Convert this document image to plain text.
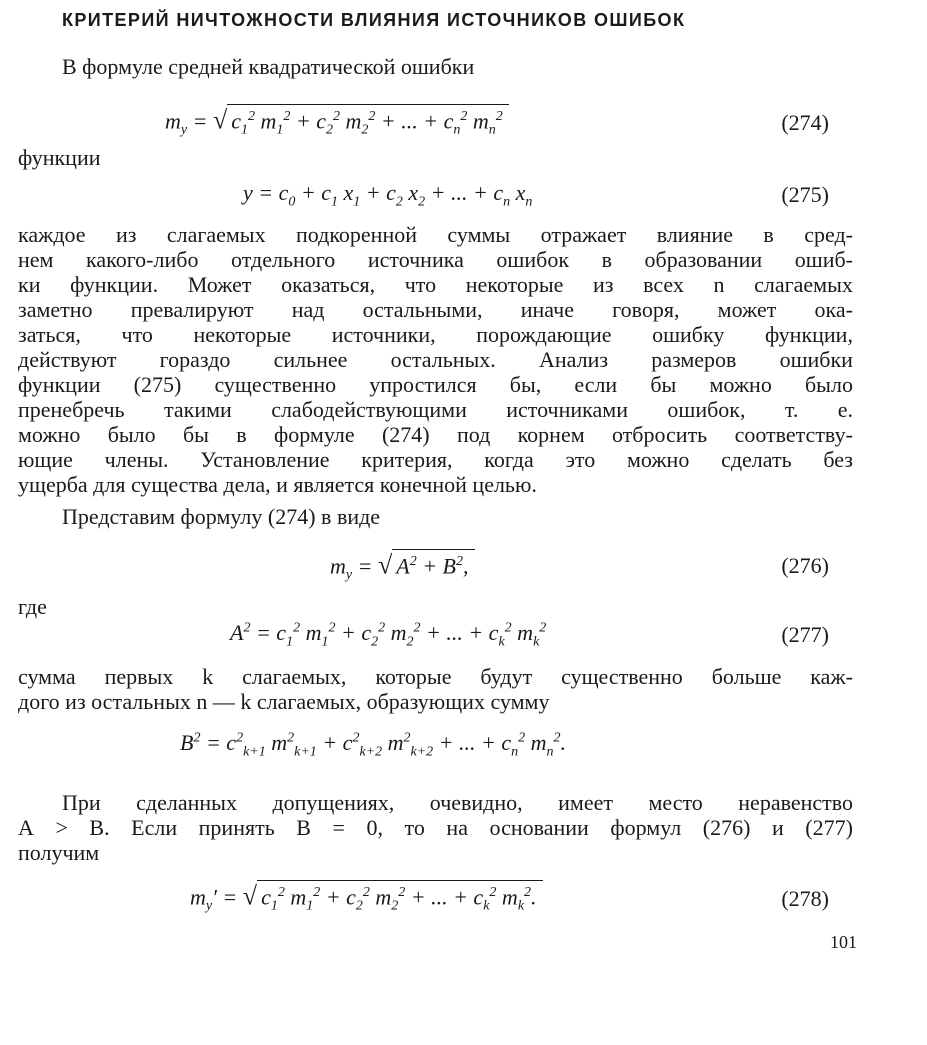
КРИТЕРИЙ НИЧТОЖНОСТИ ВЛИЯНИЯ ИСТОЧНИКОВ ОШИБОК
В формуле средней квадратической ошибки
$m_y$ = √ $c_1^2$ $m_1^2 + c_2^2$ $m_2^2$ + ... + $c_n^2$ $m_n^2$	(274)
функции
$y = c_0 + c_1$ $x_1 + c_2$ $x_2$ + ... + $c_n$ $x_n$	(275)
каждое из слагаемых подкоренной суммы отражает влияние в сред-
нем какого-либо отдельного источника ошибок в образовании ошиб-
ки функции. Может оказаться, что некоторые из всех n слагаемых
заметно превалируют над остальными, иначе говоря, может ока-
заться, что некоторые источники, порождающие ошибку функции,
действуют гораздо сильнее остальных. Анализ размеров ошибки
функции (275) существенно упростился бы, если бы можно было
пренебречь такими слабодействующими источниками ошибок, т. е.
можно было бы в формуле (274) под корнем отбросить соответству-
ющие члены. Установление критерия, когда это можно сделать без
ущерба для существа дела, и является конечной целью.
Представим формулу (274) в виде
$m_y$ = √ $A^2 + B^2$,	(276)
где
$A^2 = c_1^2$ $m_1^2 + c_2^2$ $m_2^2$ + ... + $c_k^2$ $m_k^2$	(277)
сумма первых k слагаемых, которые будут существенно больше каж-
дого из остальных n — k слагаемых, образующих сумму
$B^2 = c^2_{k+1}$ $m^2_{k+1} + c^2_{k+2}$ $m^2_{k+2}$ + ... + $c_n^2$ $m_n^2$.
При сделанных допущениях, очевидно, имеет место неравенство
A > B. Если принять B = 0, то на основании формул (276) и (277)
получим
$m_y'$ = √ $c_1^2$ $m_1^2 + c_2^2$ $m_2^2$ + ... + $c_k^2$ $m_k^2$.	(278)
101
